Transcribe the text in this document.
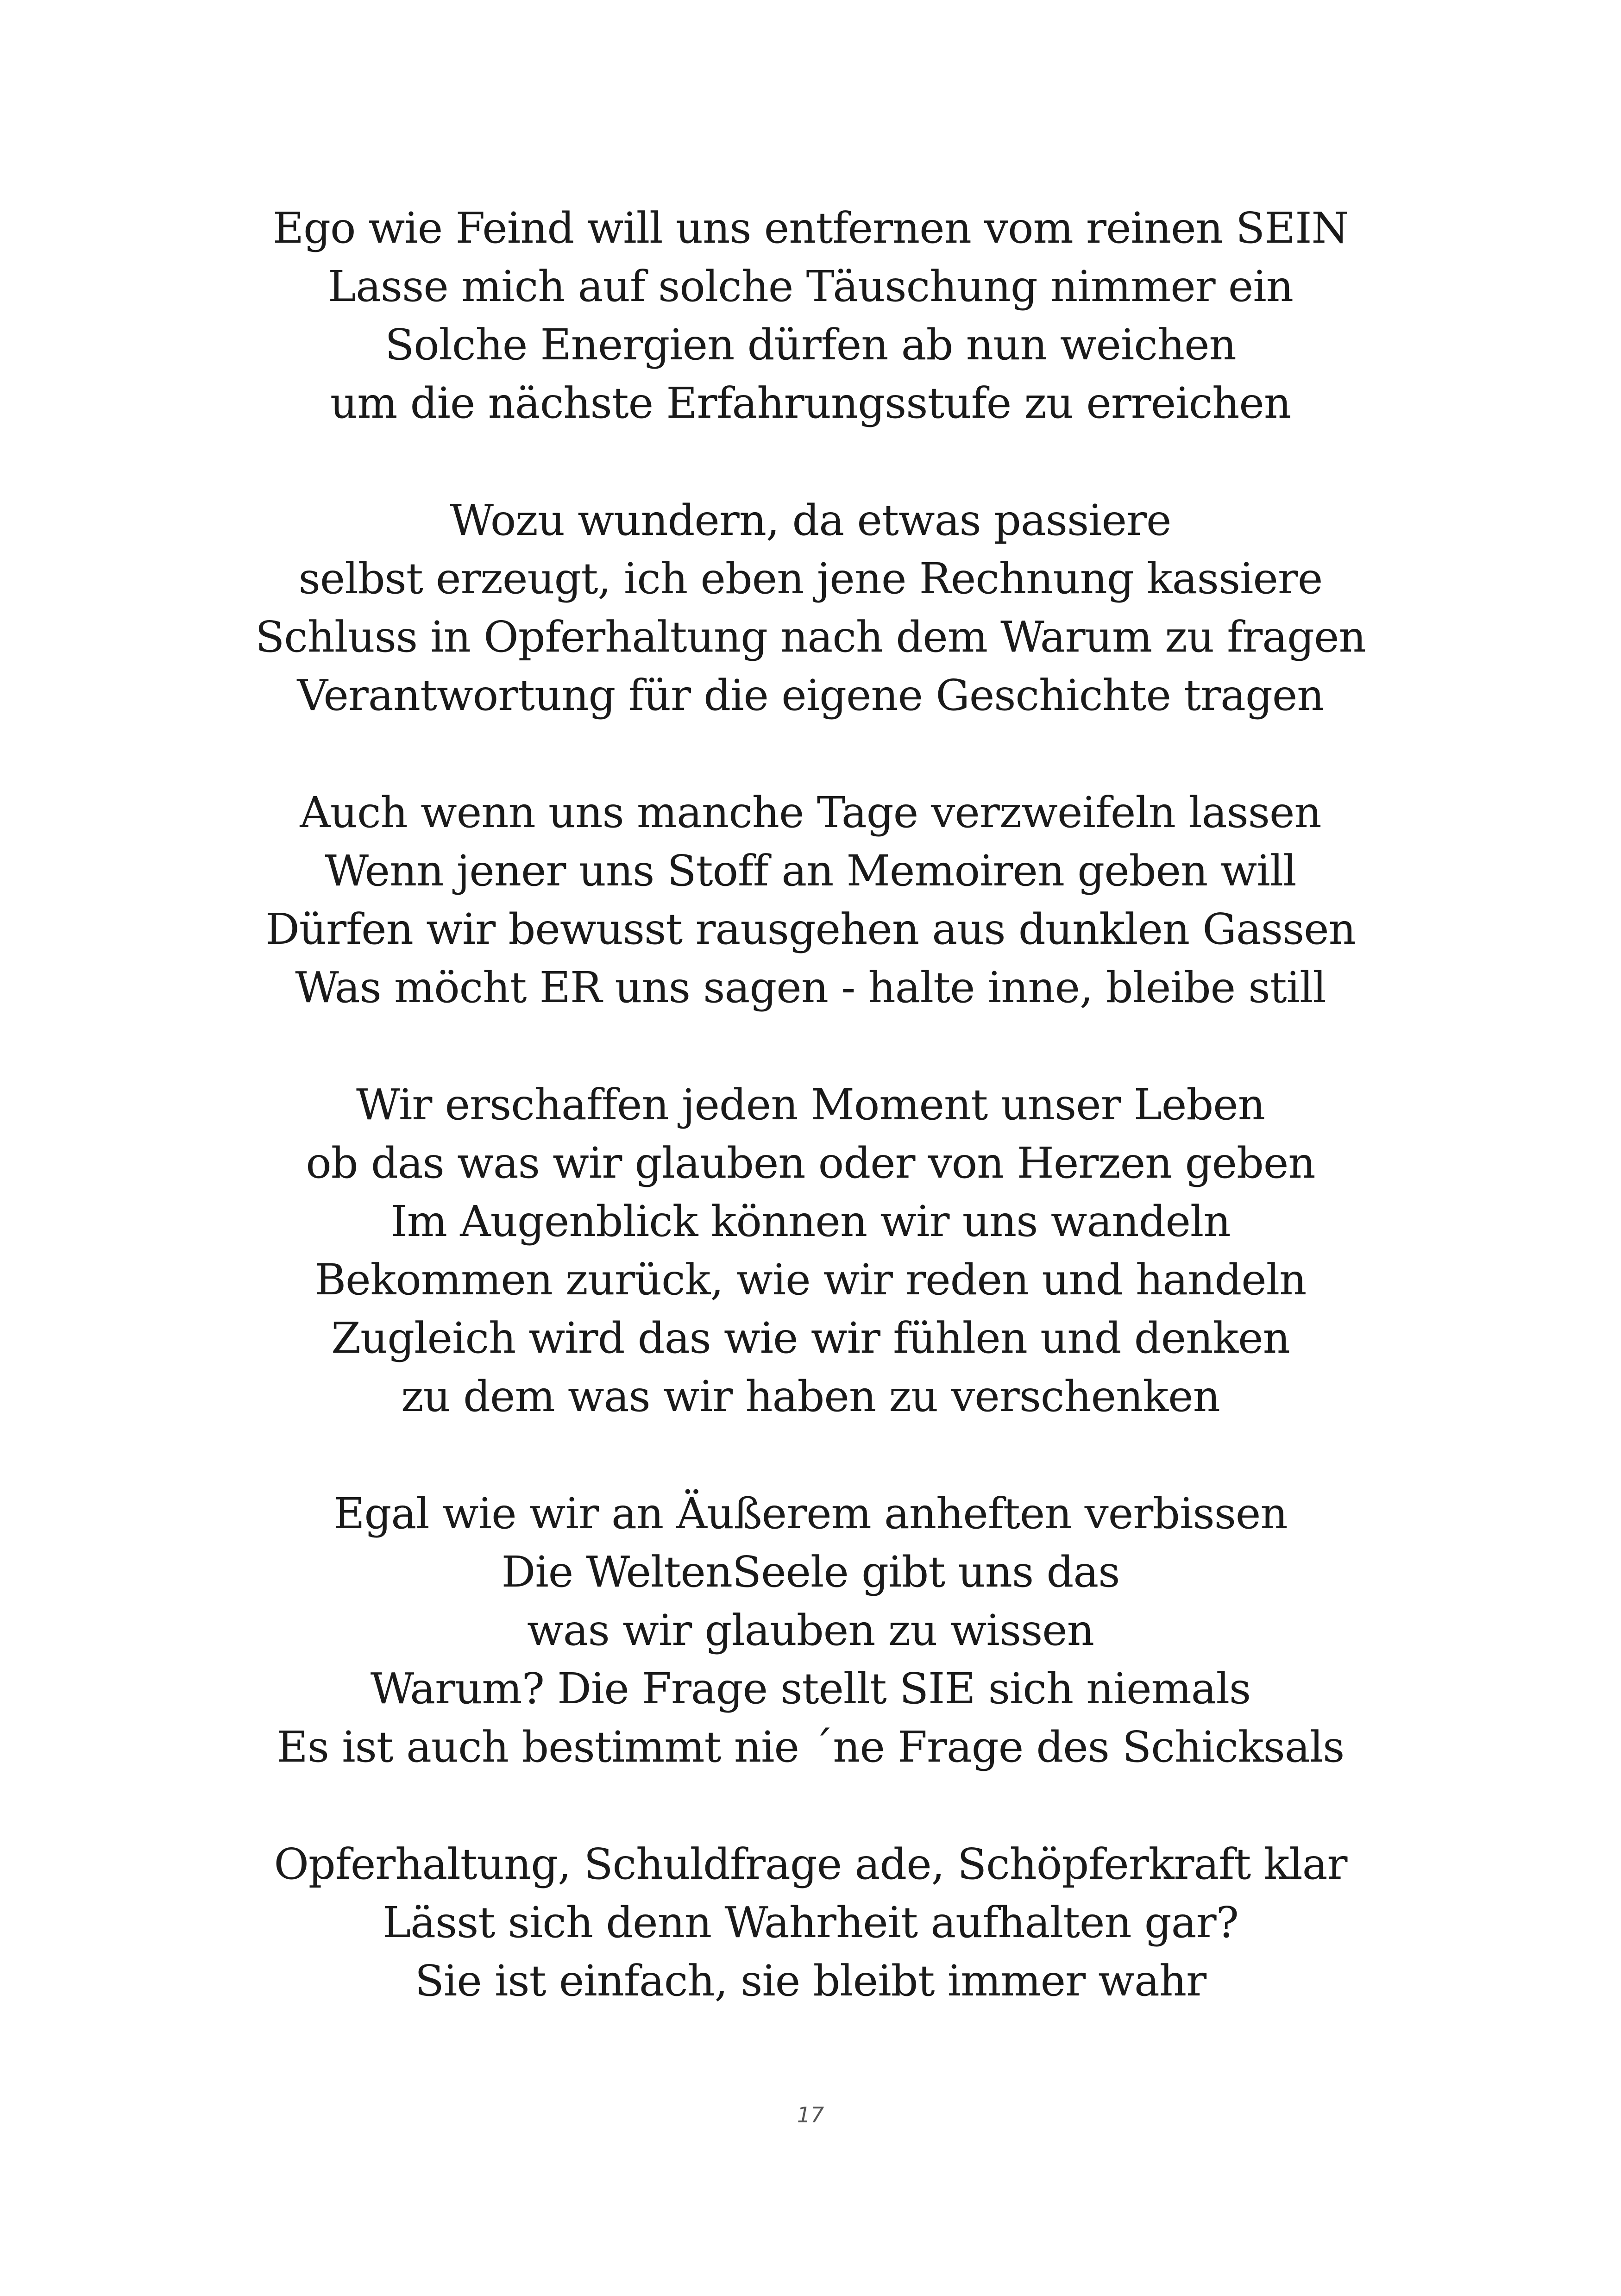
Ego wie Feind will uns entfernen vom reinen SEIN
Lasse mich auf solche Täuschung nimmer ein
Solche Energien dürfen ab nun weichen
um die nächste Erfahrungsstufe zu erreichen
Wozu wundern, da etwas passiere
selbst erzeugt, ich eben jene Rechnung kassiere
Schluss in Opferhaltung nach dem Warum zu fragen
Verantwortung für die eigene Geschichte tragen
Auch wenn uns manche Tage verzweifeln lassen
Wenn jener uns Stoff an Memoiren geben will
Dürfen wir bewusst rausgehen aus dunklen Gassen
Was möcht ER uns sagen - halte inne, bleibe still
Wir erschaffen jeden Moment unser Leben
ob das was wir glauben oder von Herzen geben
Im Augenblick können wir uns wandeln
Bekommen zurück, wie wir reden und handeln
Zugleich wird das wie wir fühlen und denken
zu dem was wir haben zu verschenken
Egal wie wir an Äußerem anheften verbissen
Die WeltenSeele gibt uns das
was wir glauben zu wissen
Warum? Die Frage stellt SIE sich niemals
Es ist auch bestimmt nie ´ne Frage des Schicksals
Opferhaltung, Schuldfrage ade, Schöpferkraft klar
Lässt sich denn Wahrheit aufhalten gar?
Sie ist einfach, sie bleibt immer wahr
17
